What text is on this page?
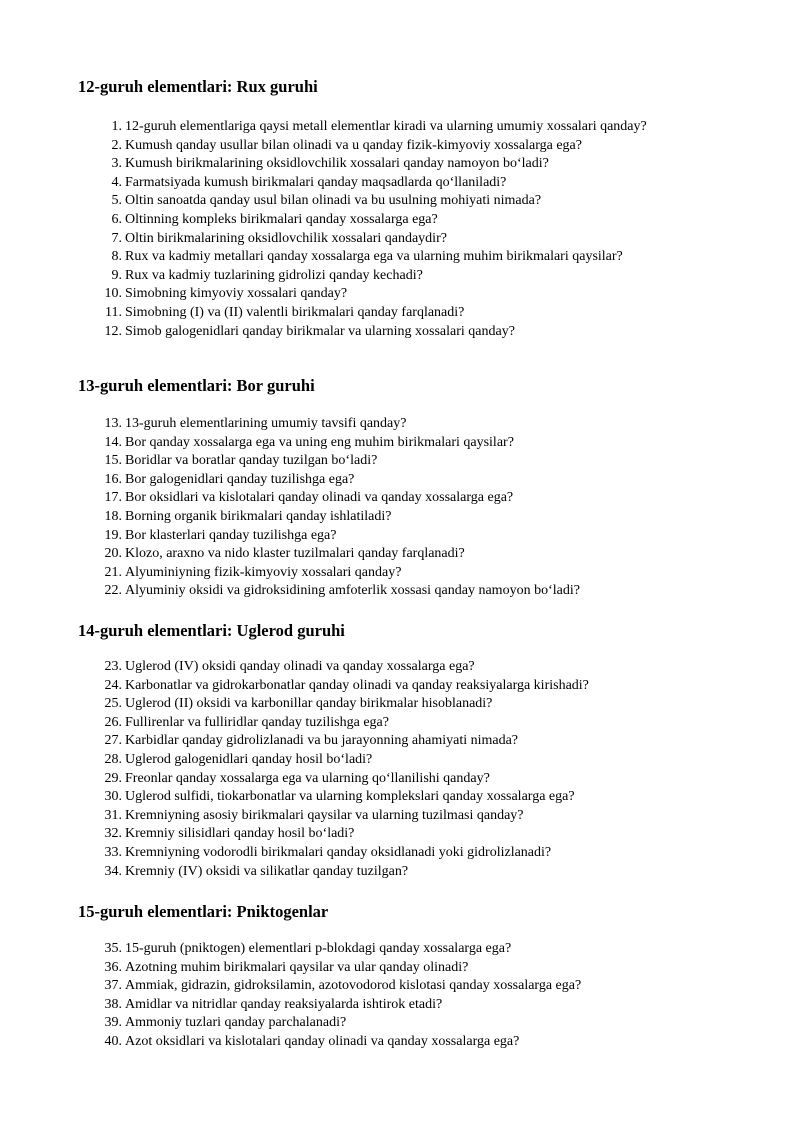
12-guruh elementlari: Rux guruhi
1. 12-guruh elementlariga qaysi metall elementlar kiradi va ularning umumiy xossalari qanday?
2. Kumush qanday usullar bilan olinadi va u qanday fizik-kimyoviy xossalarga ega?
3. Kumush birikmalarining oksidlovchilik xossalari qanday namoyon bo‘ladi?
4. Farmatsiyada kumush birikmalari qanday maqsadlarda qo‘llaniladi?
5. Oltin sanoatda qanday usul bilan olinadi va bu usulning mohiyati nimada?
6. Oltinning kompleks birikmalari qanday xossalarga ega?
7. Oltin birikmalarining oksidlovchilik xossalari qandaydir?
8. Rux va kadmiy metallari qanday xossalarga ega va ularning muhim birikmalari qaysilar?
9. Rux va kadmiy tuzlarining gidrolizi qanday kechadi?
10. Simobning kimyoviy xossalari qanday?
11. Simobning (I) va (II) valentli birikmalari qanday farqlanadi?
12. Simob galogenidlari qanday birikmalar va ularning xossalari qanday?
13-guruh elementlari: Bor guruhi
13. 13-guruh elementlarining umumiy tavsifi qanday?
14. Bor qanday xossalarga ega va uning eng muhim birikmalari qaysilar?
15. Boridlar va boratlar qanday tuzilgan bo‘ladi?
16. Bor galogenidlari qanday tuzilishga ega?
17. Bor oksidlari va kislotalari qanday olinadi va qanday xossalarga ega?
18. Borning organik birikmalari qanday ishlatiladi?
19. Bor klasterlari qanday tuzilishga ega?
20. Klozo, araxno va nido klaster tuzilmalari qanday farqlanadi?
21. Alyuminiyning fizik-kimyoviy xossalari qanday?
22. Alyuminiy oksidi va gidroksidining amfoterlik xossasi qanday namoyon bo‘ladi?
14-guruh elementlari: Uglerod guruhi
23. Uglerod (IV) oksidi qanday olinadi va qanday xossalarga ega?
24. Karbonatlar va gidrokarbonatlar qanday olinadi va qanday reaksiyalarga kirishadi?
25. Uglerod (II) oksidi va karbonillar qanday birikmalar hisoblanadi?
26. Fullirenlar va fulliridlar qanday tuzilishga ega?
27. Karbidlar qanday gidrolizlanadi va bu jarayonning ahamiyati nimada?
28. Uglerod galogenidlari qanday hosil bo‘ladi?
29. Freonlar qanday xossalarga ega va ularning qo‘llanilishi qanday?
30. Uglerod sulfidi, tiokarbonatlar va ularning komplekslari qanday xossalarga ega?
31. Kremniyning asosiy birikmalari qaysilar va ularning tuzilmasi qanday?
32. Kremniy silisidlari qanday hosil bo‘ladi?
33. Kremniyning vodorodli birikmalari qanday oksidlanadi yoki gidrolizlanadi?
34. Kremniy (IV) oksidi va silikatlar qanday tuzilgan?
15-guruh elementlari: Pniktogenlar
35. 15-guruh (pniktogen) elementlari p-blokdagi qanday xossalarga ega?
36. Azotning muhim birikmalari qaysilar va ular qanday olinadi?
37. Ammiak, gidrazin, gidroksilamin, azotovodorod kislotasi qanday xossalarga ega?
38. Amidlar va nitridlar qanday reaksiyalarda ishtirok etadi?
39. Ammoniy tuzlari qanday parchalanadi?
40. Azot oksidlari va kislotalari qanday olinadi va qanday xossalarga ega?
